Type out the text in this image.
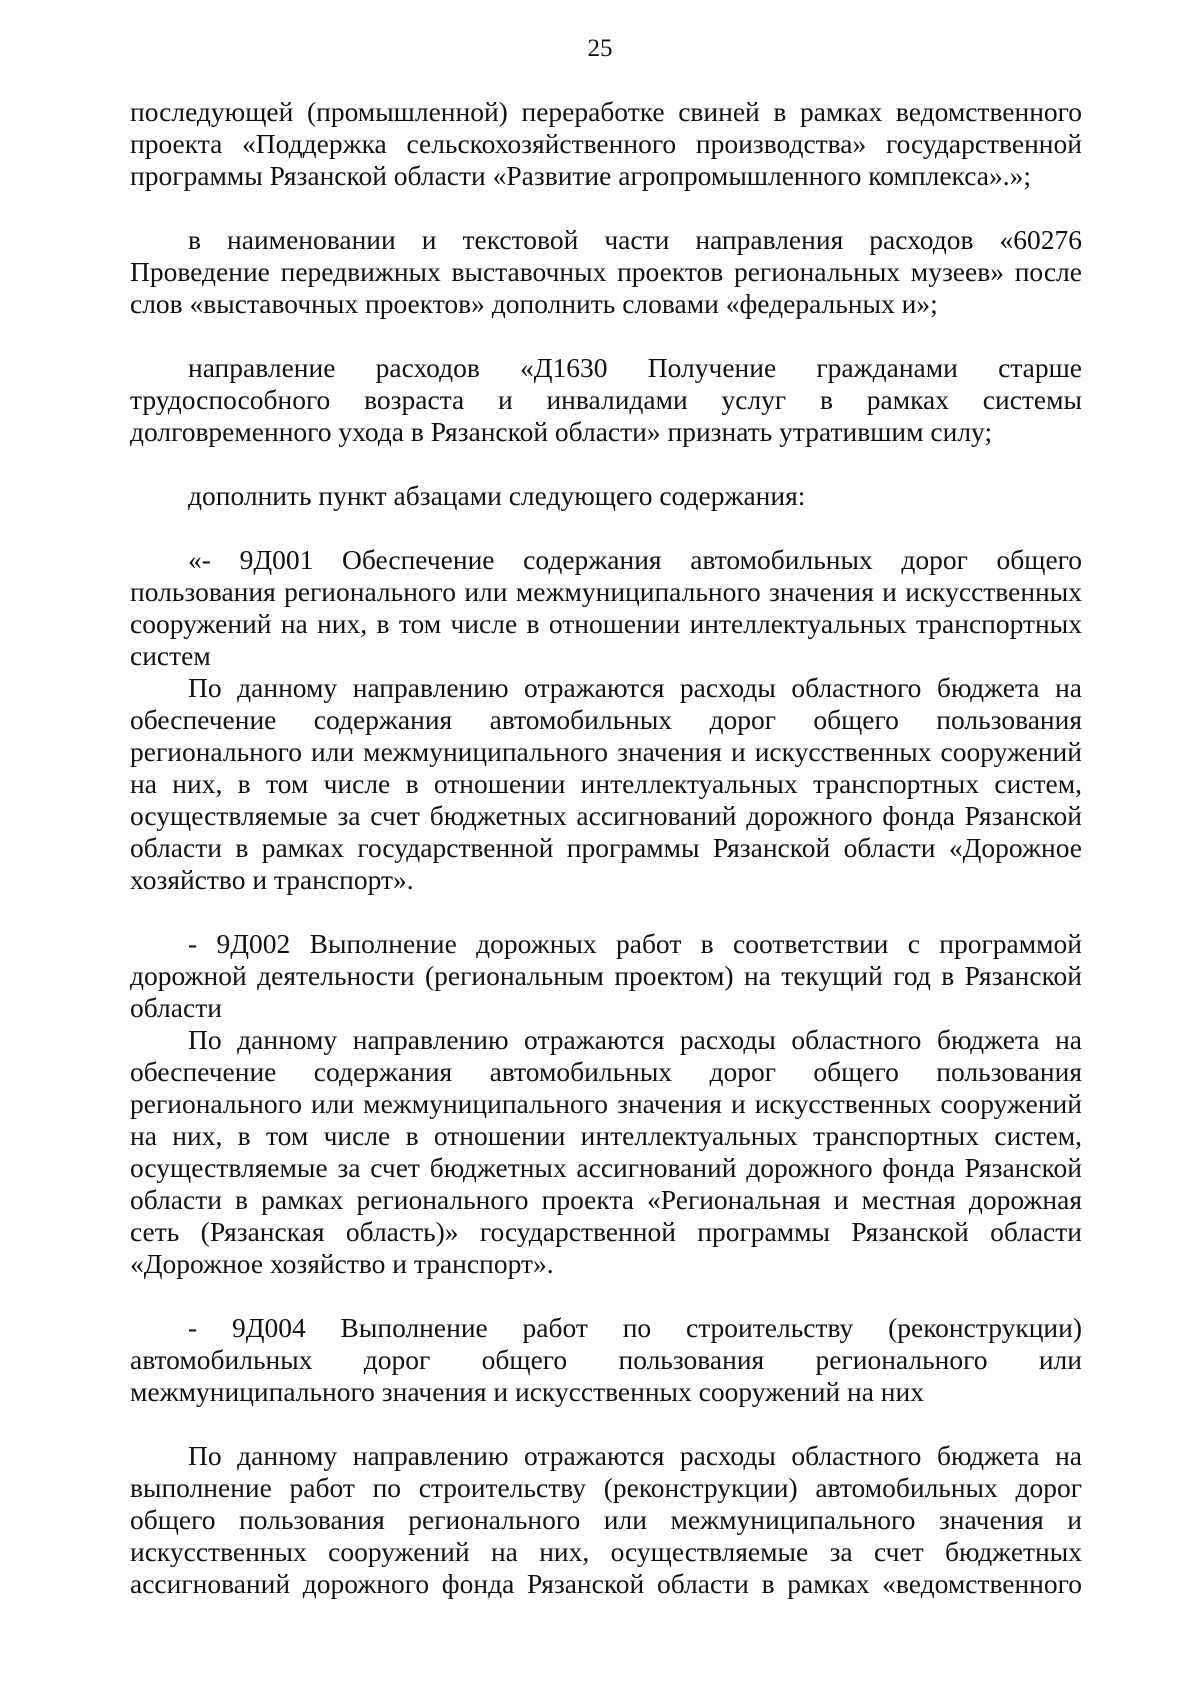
25

последующей (промышленной) переработке свиней в рамках ведомственного проекта «Поддержка сельскохозяйственного производства» государственной программы Рязанской области «Развитие агропромышленного комплекса».»;

в наименовании и текстовой части направления расходов «60276 Проведение передвижных выставочных проектов региональных музеев» после слов «выставочных проектов» дополнить словами «федеральных и»;

направление расходов «Д1630 Получение гражданами старше трудоспособного возраста и инвалидами услуг в рамках системы долговременного ухода в Рязанской области» признать утратившим силу;

дополнить пункт абзацами следующего содержания:

«- 9Д001 Обеспечение содержания автомобильных дорог общего пользования регионального или межмуниципального значения и искусственных сооружений на них, в том числе в отношении интеллектуальных транспортных систем

По данному направлению отражаются расходы областного бюджета на обеспечение содержания автомобильных дорог общего пользования регионального или межмуниципального значения и искусственных сооружений на них, в том числе в отношении интеллектуальных транспортных систем, осуществляемые за счет бюджетных ассигнований дорожного фонда Рязанской области в рамках государственной программы Рязанской области «Дорожное хозяйство и транспорт».

- 9Д002 Выполнение дорожных работ в соответствии с программой дорожной деятельности (региональным проектом) на текущий год в Рязанской области

По данному направлению отражаются расходы областного бюджета на обеспечение содержания автомобильных дорог общего пользования регионального или межмуниципального значения и искусственных сооружений на них, в том числе в отношении интеллектуальных транспортных систем, осуществляемые за счет бюджетных ассигнований дорожного фонда Рязанской области в рамках регионального проекта «Региональная и местная дорожная сеть (Рязанская область)» государственной программы Рязанской области «Дорожное хозяйство и транспорт».

- 9Д004 Выполнение работ по строительству (реконструкции) автомобильных дорог общего пользования регионального или межмуниципального значения и искусственных сооружений на них

По данному направлению отражаются расходы областного бюджета на выполнение работ по строительству (реконструкции) автомобильных дорог общего пользования регионального или межмуниципального значения и искусственных сооружений на них, осуществляемые за счет бюджетных ассигнований дорожного фонда Рязанской области в рамках «ведомственного
